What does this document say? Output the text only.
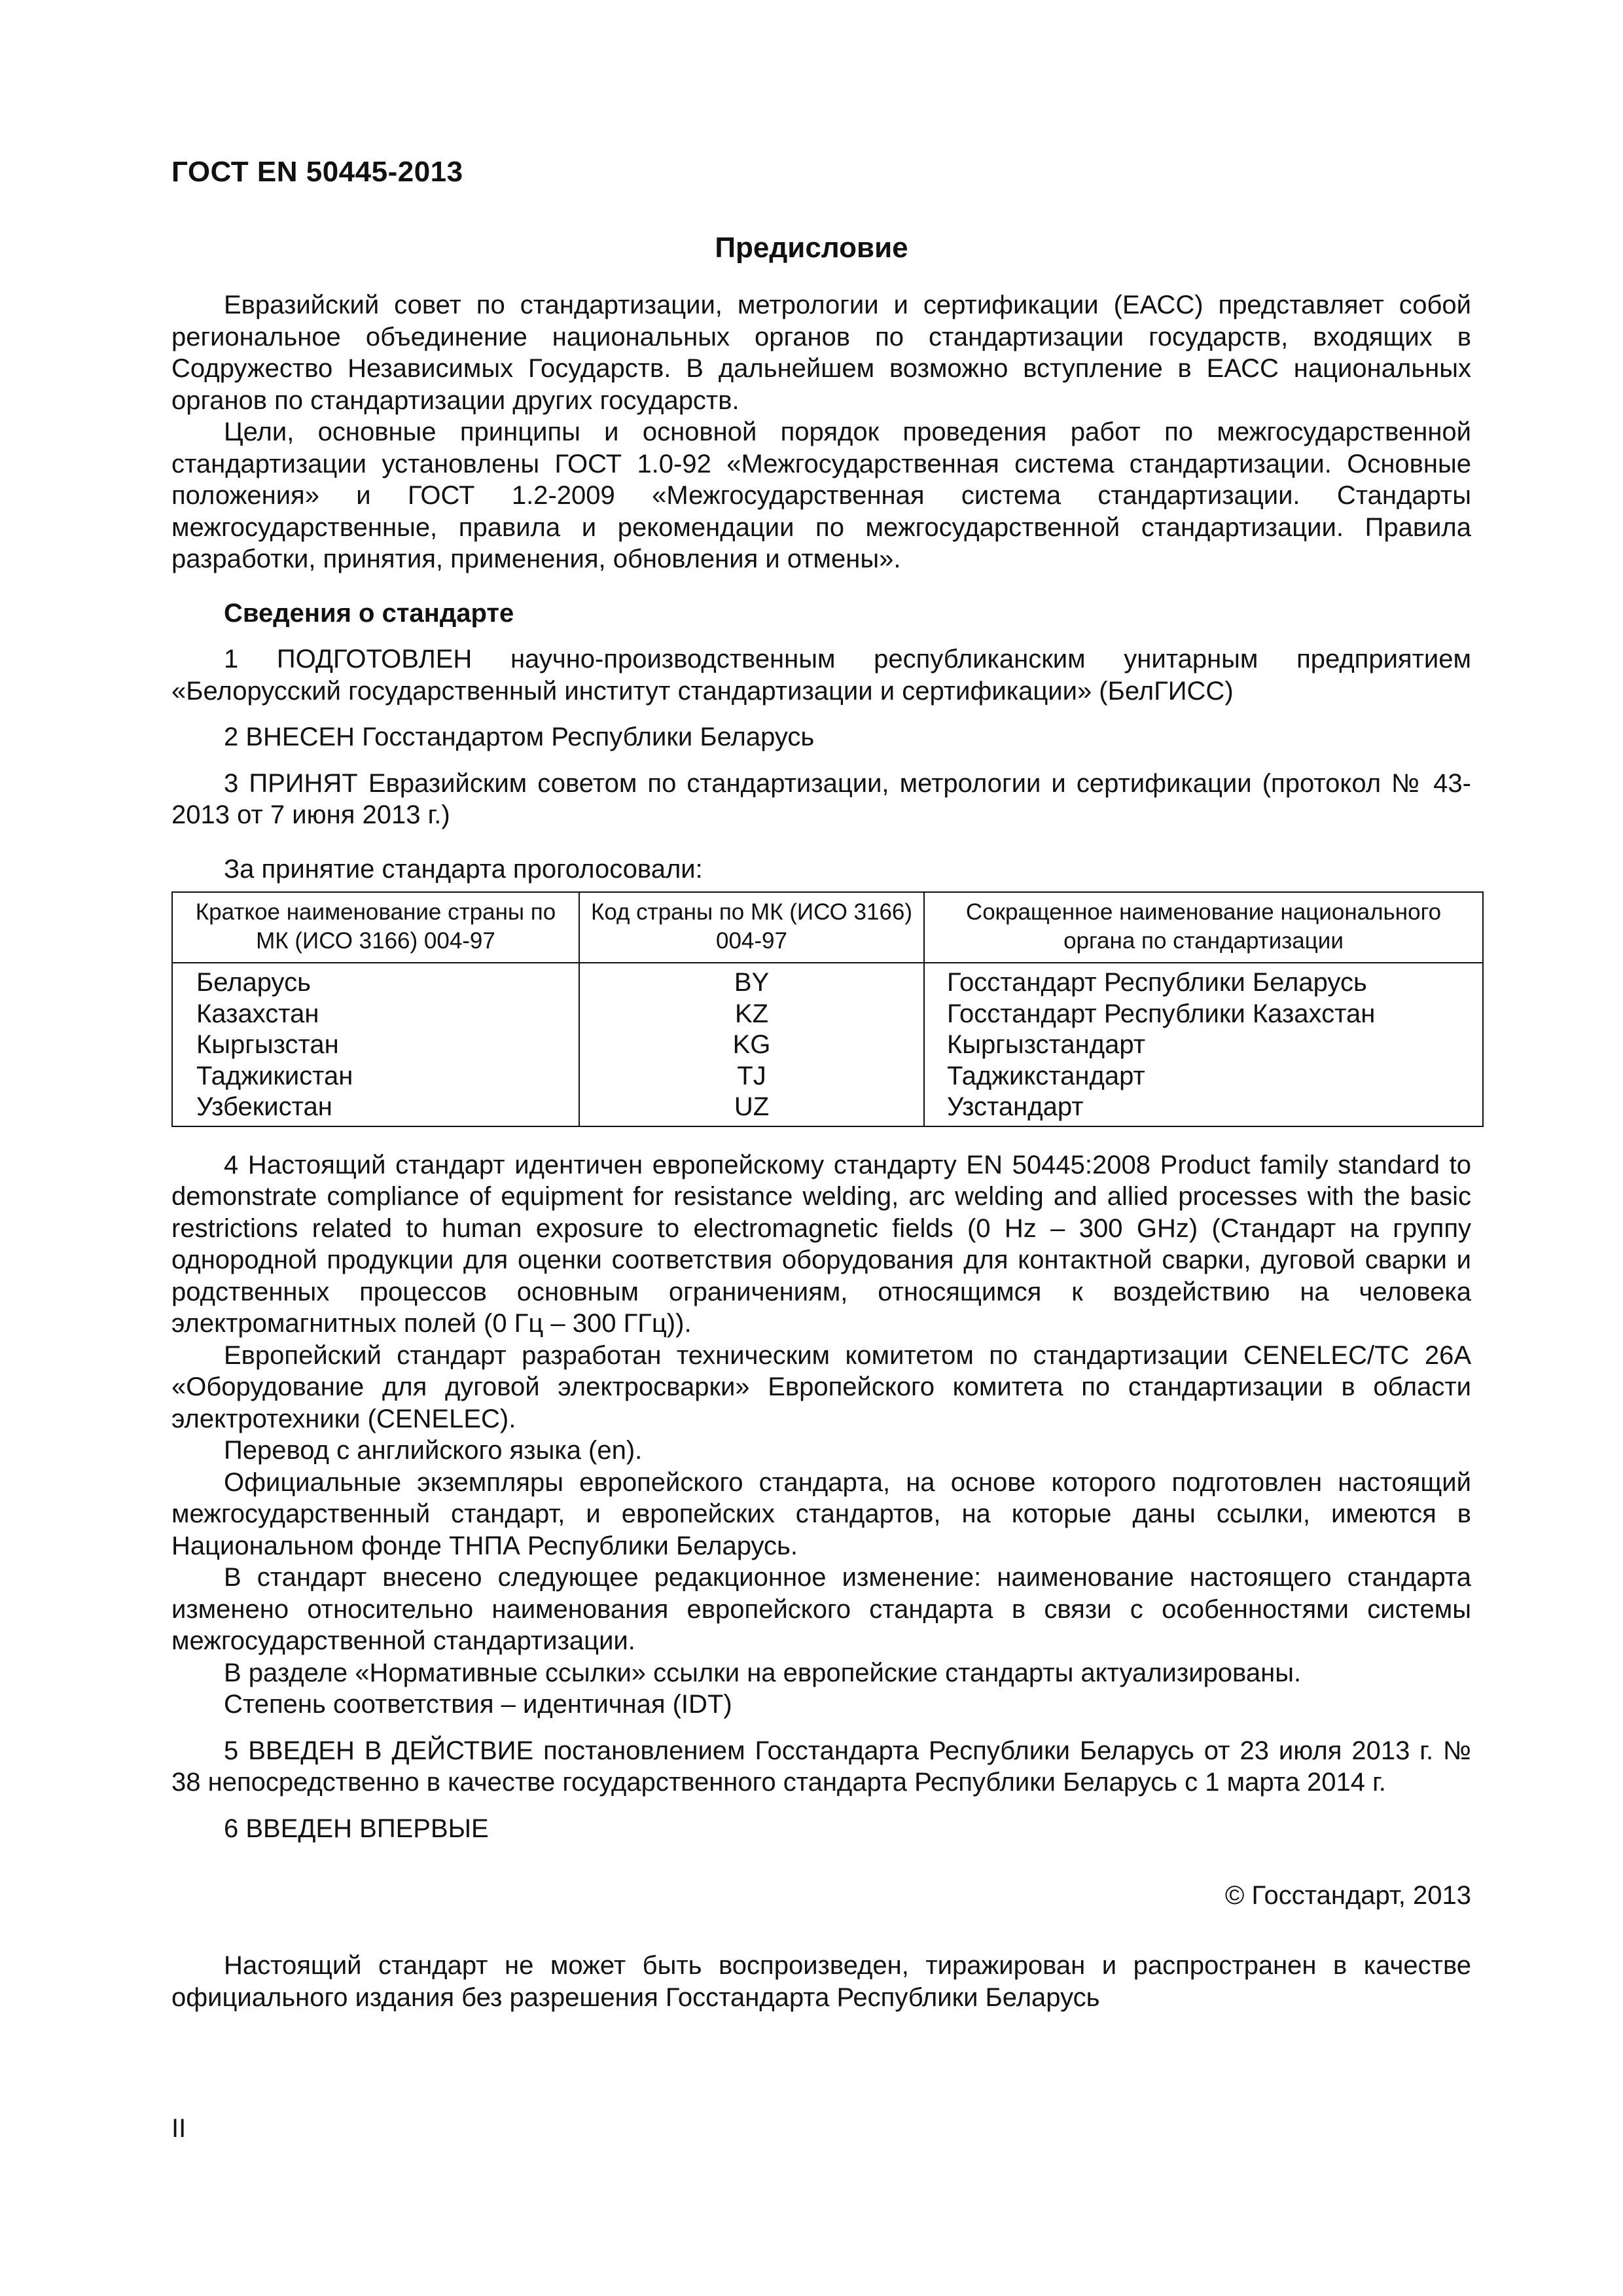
ГОСТ EN 50445-2013
Предисловие

Евразийский совет по стандартизации, метрологии и сертификации (ЕАСС) представляет собой региональное объединение национальных органов по стандартизации государств, входящих в Содружество Независимых Государств. В дальнейшем возможно вступление в ЕАСС национальных органов по стандартизации других государств.

Цели, основные принципы и основной порядок проведения работ по межгосударственной стандартизации установлены ГОСТ 1.0-92 «Межгосударственная система стандартизации. Основные положения» и ГОСТ 1.2-2009 «Межгосударственная система стандартизации. Стандарты межгосударственные, правила и рекомендации по межгосударственной стандартизации. Правила разработки, принятия, применения, обновления и отмены».

Сведения о стандарте

1 ПОДГОТОВЛЕН научно-производственным республиканским унитарным предприятием «Белорусский государственный институт стандартизации и сертификации» (БелГИСС)

2 ВНЕСЕН Госстандартом Республики Беларусь

3 ПРИНЯТ Евразийским советом по стандартизации, метрологии и сертификации (протокол № 43-2013 от 7 июня 2013 г.)

За принятие стандарта проголосовали:

Краткое наименование страны по МК (ИСО 3166) 004-97	Код страны по МК (ИСО 3166) 004-97	Сокращенное наименование национального органа по стандартизации
Беларусь	BY	Госстандарт Республики Беларусь
Казахстан	KZ	Госстандарт Республики Казахстан
Кыргызстан	KG	Кыргызстандарт
Таджикистан	TJ	Таджикстандарт
Узбекистан	UZ	Узстандарт

4 Настоящий стандарт идентичен европейскому стандарту EN 50445:2008 Product family standard to demonstrate compliance of equipment for resistance welding, arc welding and allied processes with the basic restrictions related to human exposure to electromagnetic fields (0 Hz – 300 GHz) (Стандарт на группу однородной продукции для оценки соответствия оборудования для контактной сварки, дуговой сварки и родственных процессов основным ограничениям, относящимся к воздействию на человека электромагнитных полей (0 Гц – 300 ГГц)).

Европейский стандарт разработан техническим комитетом по стандартизации CENELEC/TC 26A «Оборудование для дуговой электросварки» Европейского комитета по стандартизации в области электротехники (CENELEC).

Перевод с английского языка (en).

Официальные экземпляры европейского стандарта, на основе которого подготовлен настоящий межгосударственный стандарт, и европейских стандартов, на которые даны ссылки, имеются в Национальном фонде ТНПА Республики Беларусь.

В стандарт внесено следующее редакционное изменение: наименование настоящего стандарта изменено относительно наименования европейского стандарта в связи с особенностями системы межгосударственной стандартизации.

В разделе «Нормативные ссылки» ссылки на европейские стандарты актуализированы.

Степень соответствия – идентичная (IDT)

5 ВВЕДЕН В ДЕЙСТВИЕ постановлением Госстандарта Республики Беларусь от 23 июля 2013 г. № 38 непосредственно в качестве государственного стандарта Республики Беларусь с 1 марта 2014 г.

6 ВВЕДЕН ВПЕРВЫЕ

© Госстандарт, 2013

Настоящий стандарт не может быть воспроизведен, тиражирован и распространен в качестве официального издания без разрешения Госстандарта Республики Беларусь

II
